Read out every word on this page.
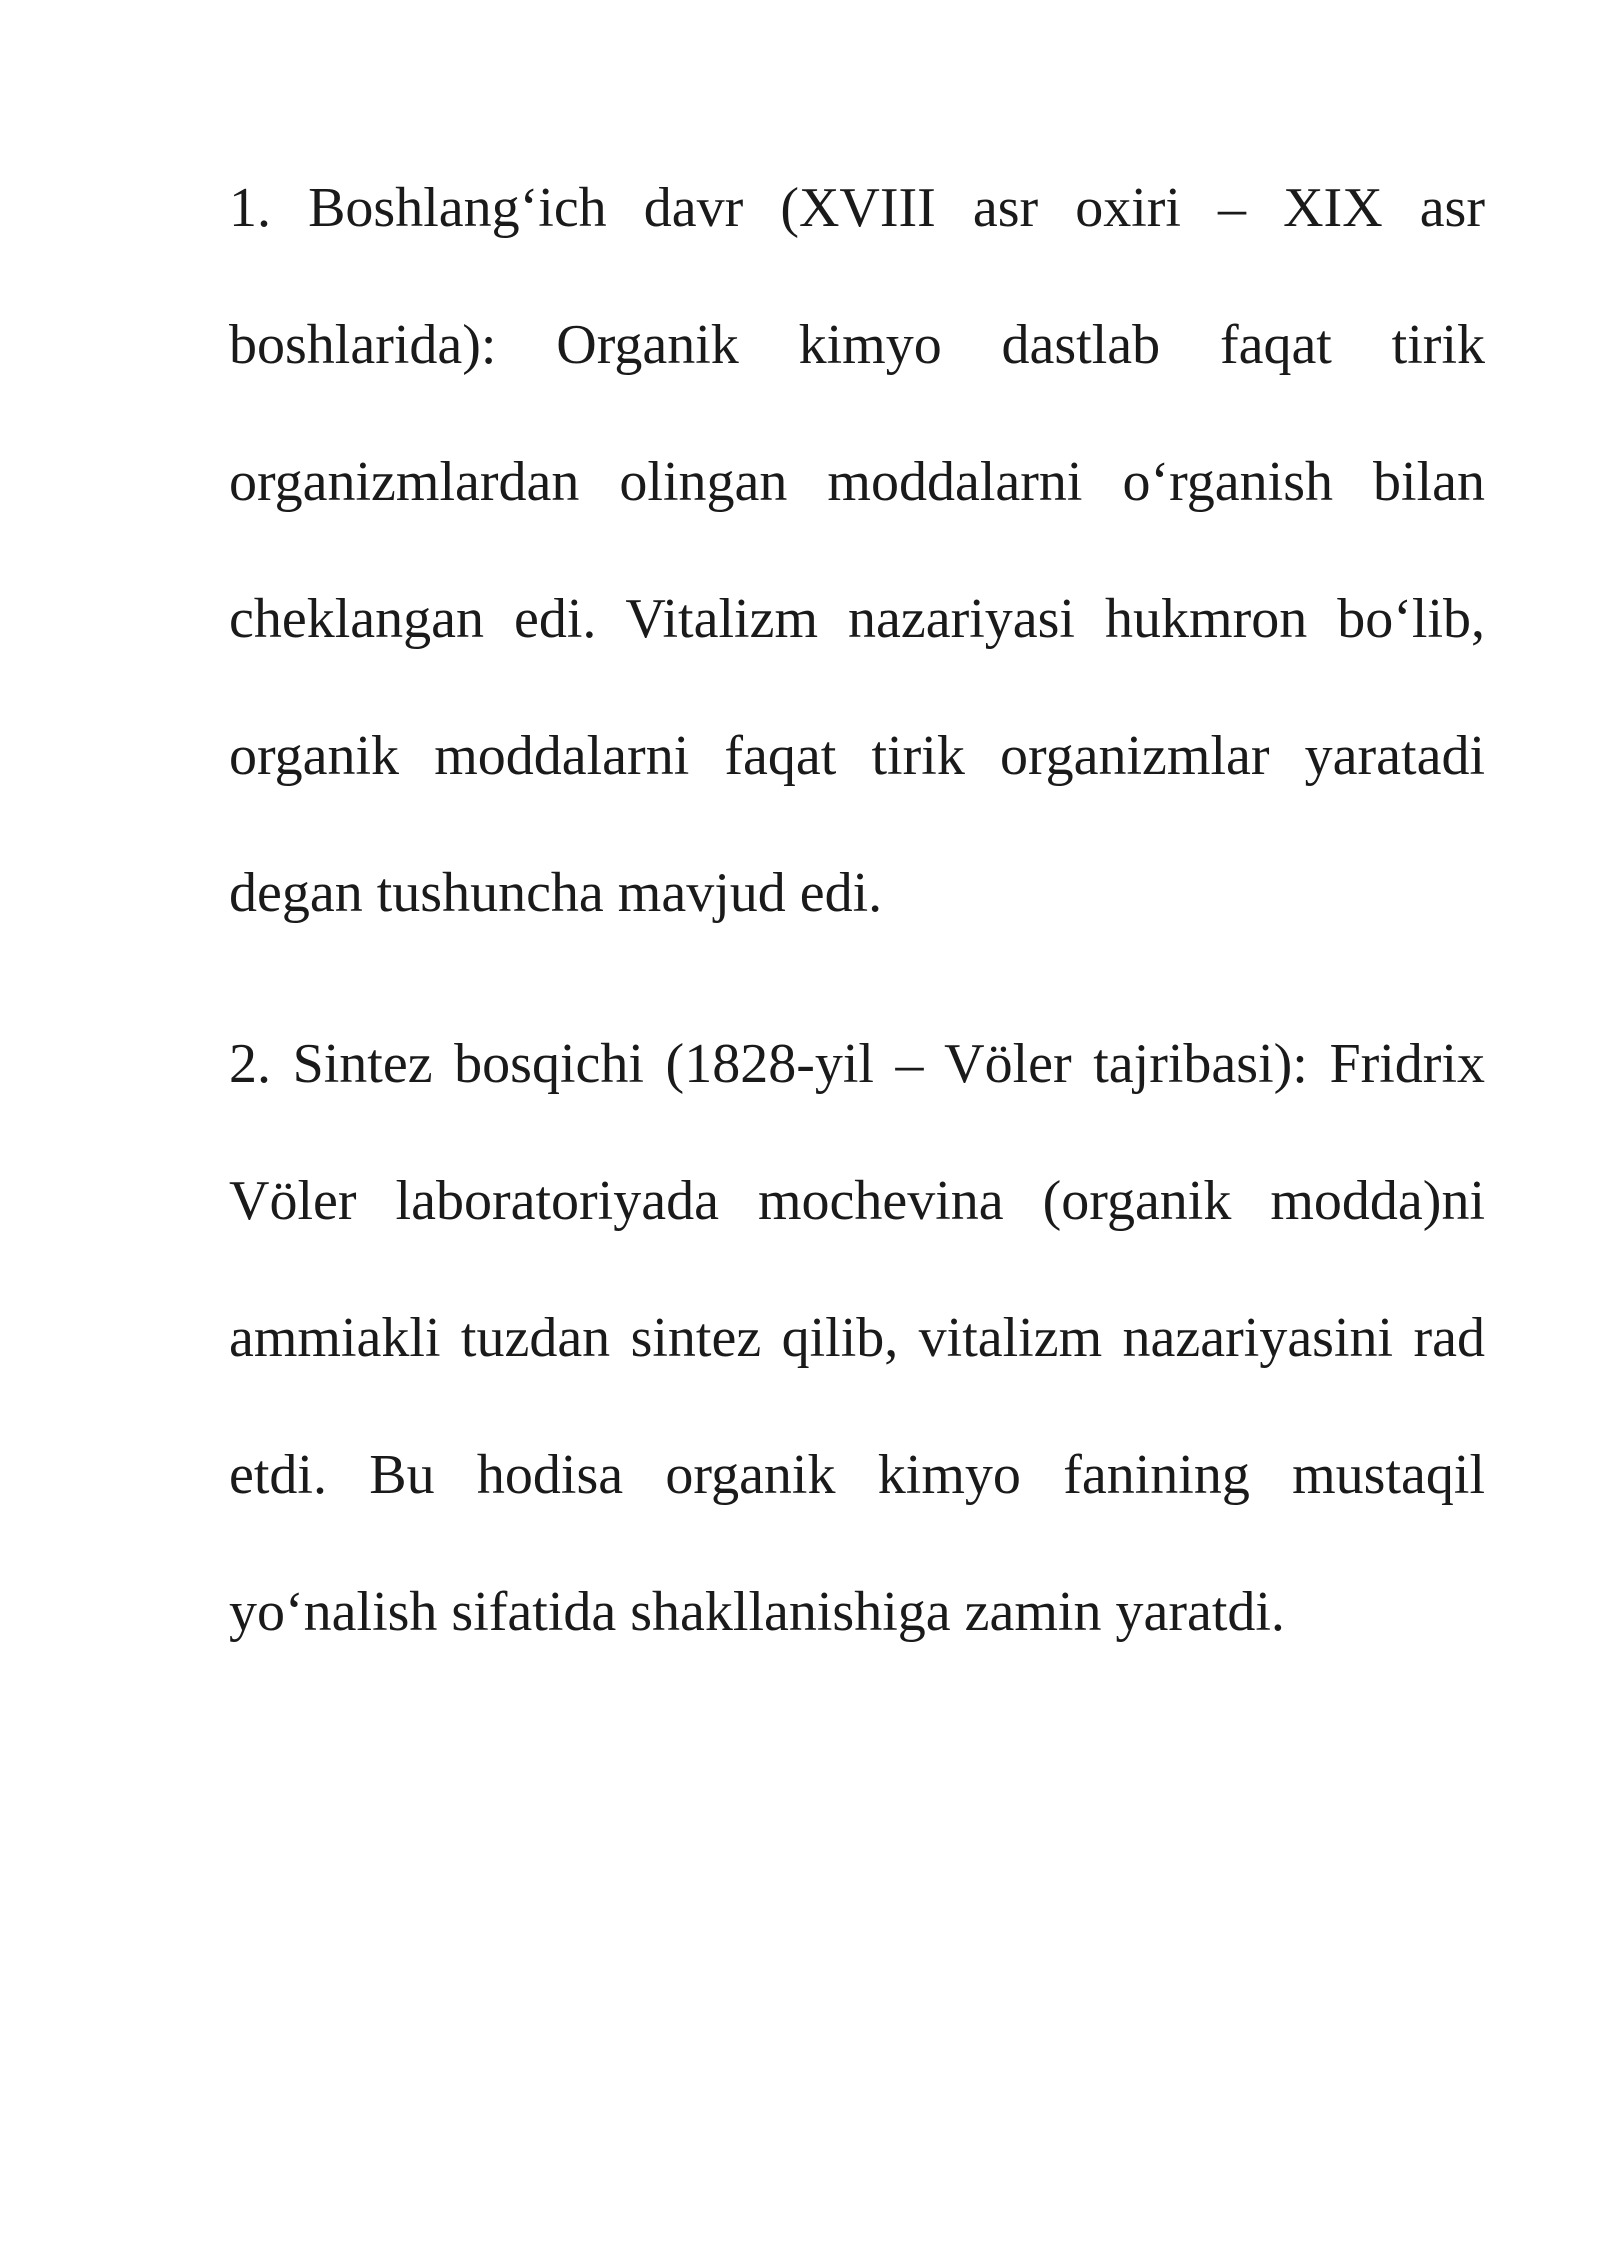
1. Boshlang‘ich davr (XVIII asr oxiri – XIX asr boshlarida): Organik kimyo dastlab faqat tirik organizmlardan olingan moddalarni o‘rganish bilan cheklangan edi. Vitalizm nazariyasi hukmron bo‘lib, organik moddalarni faqat tirik organizmlar yaratadi degan tushuncha mavjud edi.

2. Sintez bosqichi (1828-yil – Völer tajribasi): Fridrix Völer laboratoriyada mochevina (organik modda)ni ammiakli tuzdan sintez qilib, vitalizm nazariyasini rad etdi. Bu hodisa organik kimyo fanining mustaqil yo‘nalish sifatida shakllanishiga zamin yaratdi.
